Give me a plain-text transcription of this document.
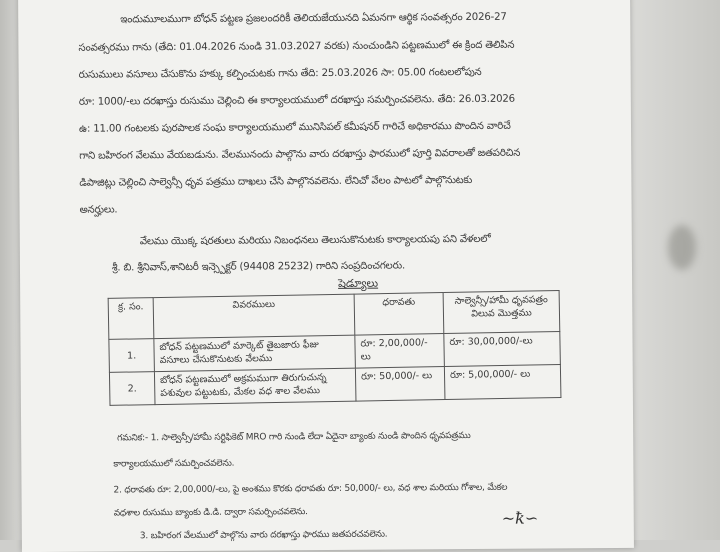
ఇందుమూలముగా బోధన్ పట్టణ ప్రజలందరికీ తెలియజేయునది ఏమనగా ఆర్థిక సంవత్సరం 2026-27
సంవత్సరము గాను (తేది: 01.04.2026 నుండి 31.03.2027 వరకు) నుంచుండిని పట్టణములో ఈ క్రింద తెలిపిన
రుసుములు వసూలు చేసుకొను హక్కు కల్పించుటకు గాను తేది: 25.03.2026 సా: 05.00 గంటలలోపున
రూ: 1000/-లు దరఖాస్తు రుసుము చెల్లించి ఈ కార్యాలయములో దరఖాస్తు సమర్పించవలెను. తేది: 26.03.2026
ఉ: 11.00 గంటలకు పురపాలక సంఘ కార్యాలయములో మునిసిపల్ కమీషనర్ గారిచే అధికారము పొందిన వారిచే
గాని బహిరంగ వేలము వేయబడును. వేలమునందు పాల్గొను వారు దరఖాస్తు ఫారములో పూర్తి వివరాలతో జతపరిచిన
డిపాజిట్లు చెల్లించి సాల్వెన్సీ ధృవ పత్రము దాఖలు చేసి పాల్గొనవలెను. లేనిచో వేలం పాటలో పాల్గొనుటకు
అనర్హులు.
వేలము యొక్క షరతులు మరియు నిబంధనలు తెలుసుకొనుటకు కార్యాలయపు పని వేళలలో
శ్రీ. బి. శ్రీనివాస్,శానిటరీ ఇన్స్పెక్టర్ (94408 25232) గారిని సంప్రదించగలరు.
షెడ్యూలు
క్ర. సం.	వివరములు	ధరావతు	సాల్వెన్సీ/హామీ ధృవపత్రం విలువ మొత్తము
1.	బోధన్ పట్టణములో మార్కెట్ తైబజారు ఫీజు వసూలు చేసుకొనుటకు వేలము	రూ: 2,00,000/- లు	రూ: 30,00,000/-లు
2.	బోధన్ పట్టణములో అక్రమముగా తిరుగుచున్న పశువుల పట్టుటకు, మేకల వధ శాల వేలము	రూ: 50,000/- లు	రూ: 5,00,000/- లు
గమనిక:- 1. సాల్వెన్సీ/హామీ సర్టిఫికెట్ MRO గారి నుండి లేదా ఏదైనా బ్యాంకు నుండి పొందిన ధృవపత్రము
కార్యాలయములో సమర్పించవలెను.
2. ధరావతు రూ: 2,00,000/-లు, పై అంశము కొరకు ధరావతు రూ: 50,000/- లు, వధ శాల మరియు గోశాల, మేకల
వధశాల రుసుము బ్యాంకు డి.డి. ద్వారా సమర్పించవలెను.
3. బహిరంగ వేలములో పాల్గొను వారు దరఖాస్తు ఫారము జతపరచవలెను.
~ꝁ∽
